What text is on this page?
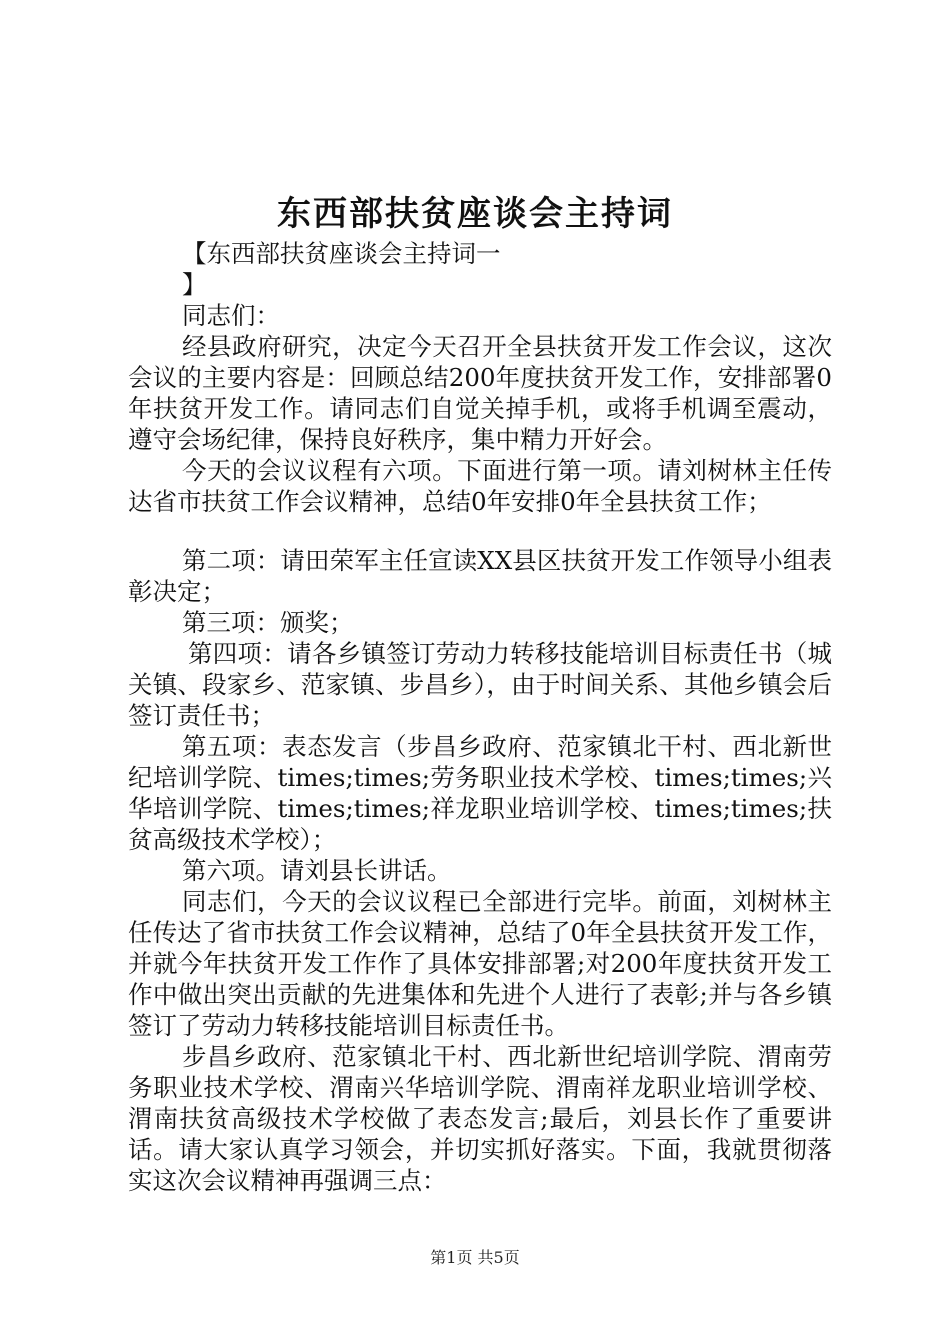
东西部扶贫座谈会主持词

【东西部扶贫座谈会主持词一

】

同志们：

经县政府研究，决定今天召开全县扶贫开发工作会议，这次会议的主要内容是：回顾总结200年度扶贫开发工作，安排部署0年扶贫开发工作。请同志们自觉关掉手机，或将手机调至震动，遵守会场纪律，保持良好秩序，集中精力开好会。

今天的会议议程有六项。下面进行第一项。请刘树林主任传达省市扶贫工作会议精神，总结0年安排0年全县扶贫工作；

第二项：请田荣军主任宣读XX县区扶贫开发工作领导小组表彰决定；

第三项：颁奖；

第四项：请各乡镇签订劳动力转移技能培训目标责任书（城关镇、段家乡、范家镇、步昌乡），由于时间关系、其他乡镇会后签订责任书；

第五项：表态发言（步昌乡政府、范家镇北干村、西北新世纪培训学院、times;times;劳务职业技术学校、times;times;兴华培训学院、times;times;祥龙职业培训学校、times;times;扶贫高级技术学校）；

第六项。请刘县长讲话。

同志们，今天的会议议程已全部进行完毕。前面，刘树林主任传达了省市扶贫工作会议精神，总结了0年全县扶贫开发工作，并就今年扶贫开发工作作了具体安排部署;对200年度扶贫开发工作中做出突出贡献的先进集体和先进个人进行了表彰;并与各乡镇签订了劳动力转移技能培训目标责任书。

步昌乡政府、范家镇北干村、西北新世纪培训学院、渭南劳务职业技术学校、渭南兴华培训学院、渭南祥龙职业培训学校、渭南扶贫高级技术学校做了表态发言;最后，刘县长作了重要讲话。请大家认真学习领会，并切实抓好落实。下面，我就贯彻落实这次会议精神再强调三点：

第1页 共5页
